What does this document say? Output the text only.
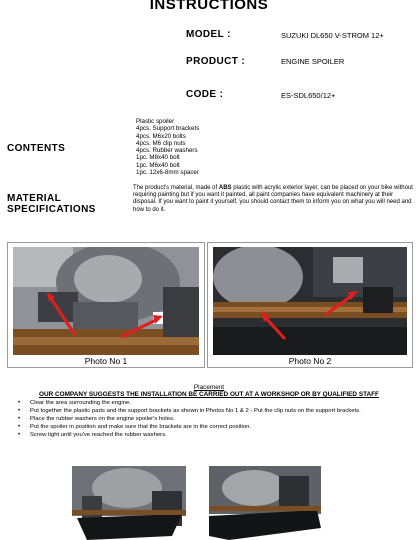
INSTRUCTIONS
MODEL :	SUZUKI DL650 V-STROM 12+
PRODUCT :	ENGINE SPOILER
CODE :	ES-SDL650/12+
CONTENTS
Plastic spoiler
4pcs. Support brackets
4pcs. M6x20 bolts
4pcs. M6 clip nuts
4pcs. Rubber washers
1pc. M8x40 bolt
1pc. M6x40 bolt
1pc. 12x6-8mm spacer
MATERIAL
SPECIFICATIONS
The product's material, made of ABS plastic with acrylic exterior layer, can be placed on your bike without requiring painting but if you want it painted, all paint companies have equivalent machinery at their disposal. If you want to paint it yourself, you should contact them to inform you on what you will need and how to do it.
Photo No 1	Photo No 2
Placement
OUR COMPANY SUGGESTS THE INSTALLATION BE CARRIED OUT AT A WORKSHOP OR BY QUALIFIED STAFF
• Clear the area surrounding the engine.
• Put together the plastic parts and the support brackets as shown in Photos No 1 & 2 - Put the clip nuts on the support brackets.
• Place the rubber washers on the engine spoiler's holes.
• Put the spoiler in position and make sure that the brackets are in the correct position.
• Screw tight until you've reached the rubber washers.
